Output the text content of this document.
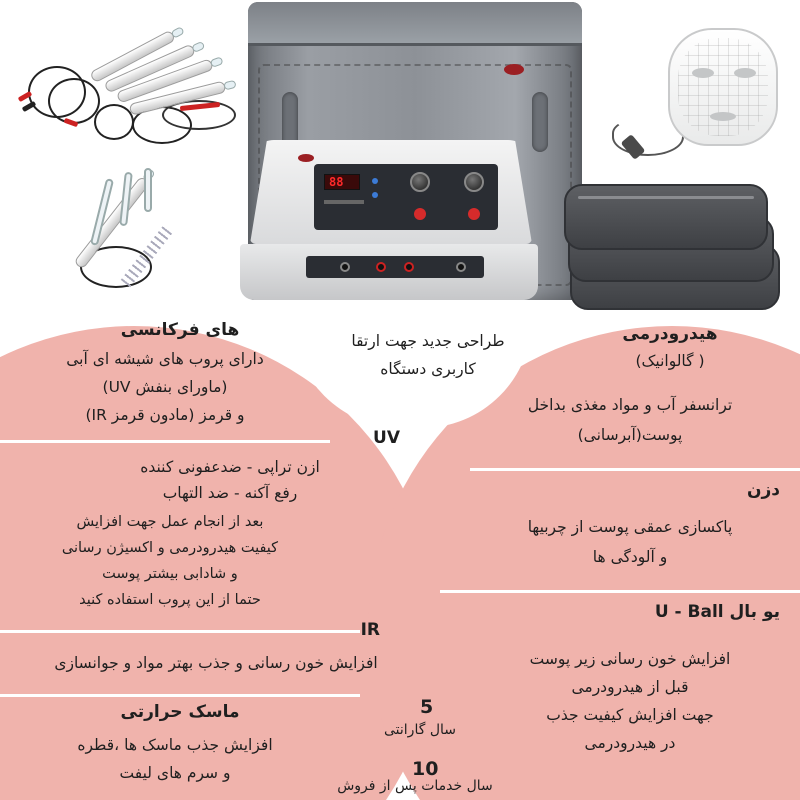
88
طراحی جدید جهت ارتقا
کاربری دستگاه
های فرکانسی
دارای پروب های شیشه ای آبی
(ماورای بنفش UV)
و قرمز (مادون قرمز IR)
UV
ازن تراپی - ضدعفونی کننده
رفع آکنه - ضد التهاب
بعد از انجام عمل جهت افزایش
کیفیت هیدرودرمی و اکسیژن رسانی
و شادابی بیشتر پوست
حتما از این پروب استفاده کنید
IR
افزایش خون رسانی و جذب بهتر مواد و جوانسازی
ماسک حرارتی
افزایش جذب ماسک ها ،قطره
و سرم های لیفت
هیدرودرمی
( گالوانیک)
ترانسفر آب و مواد مغذی بداخل
پوست(آبرسانی)
دزن
پاکسازی عمقی پوست از چربیها
و آلودگی ها
یو بال U - Ball
افزایش خون رسانی زیر پوست
قبل از هیدرودرمی
جهت افزایش کیفیت جذب
در هیدرودرمی
5
سال گارانتی
10
سال خدمات پس از فروش
